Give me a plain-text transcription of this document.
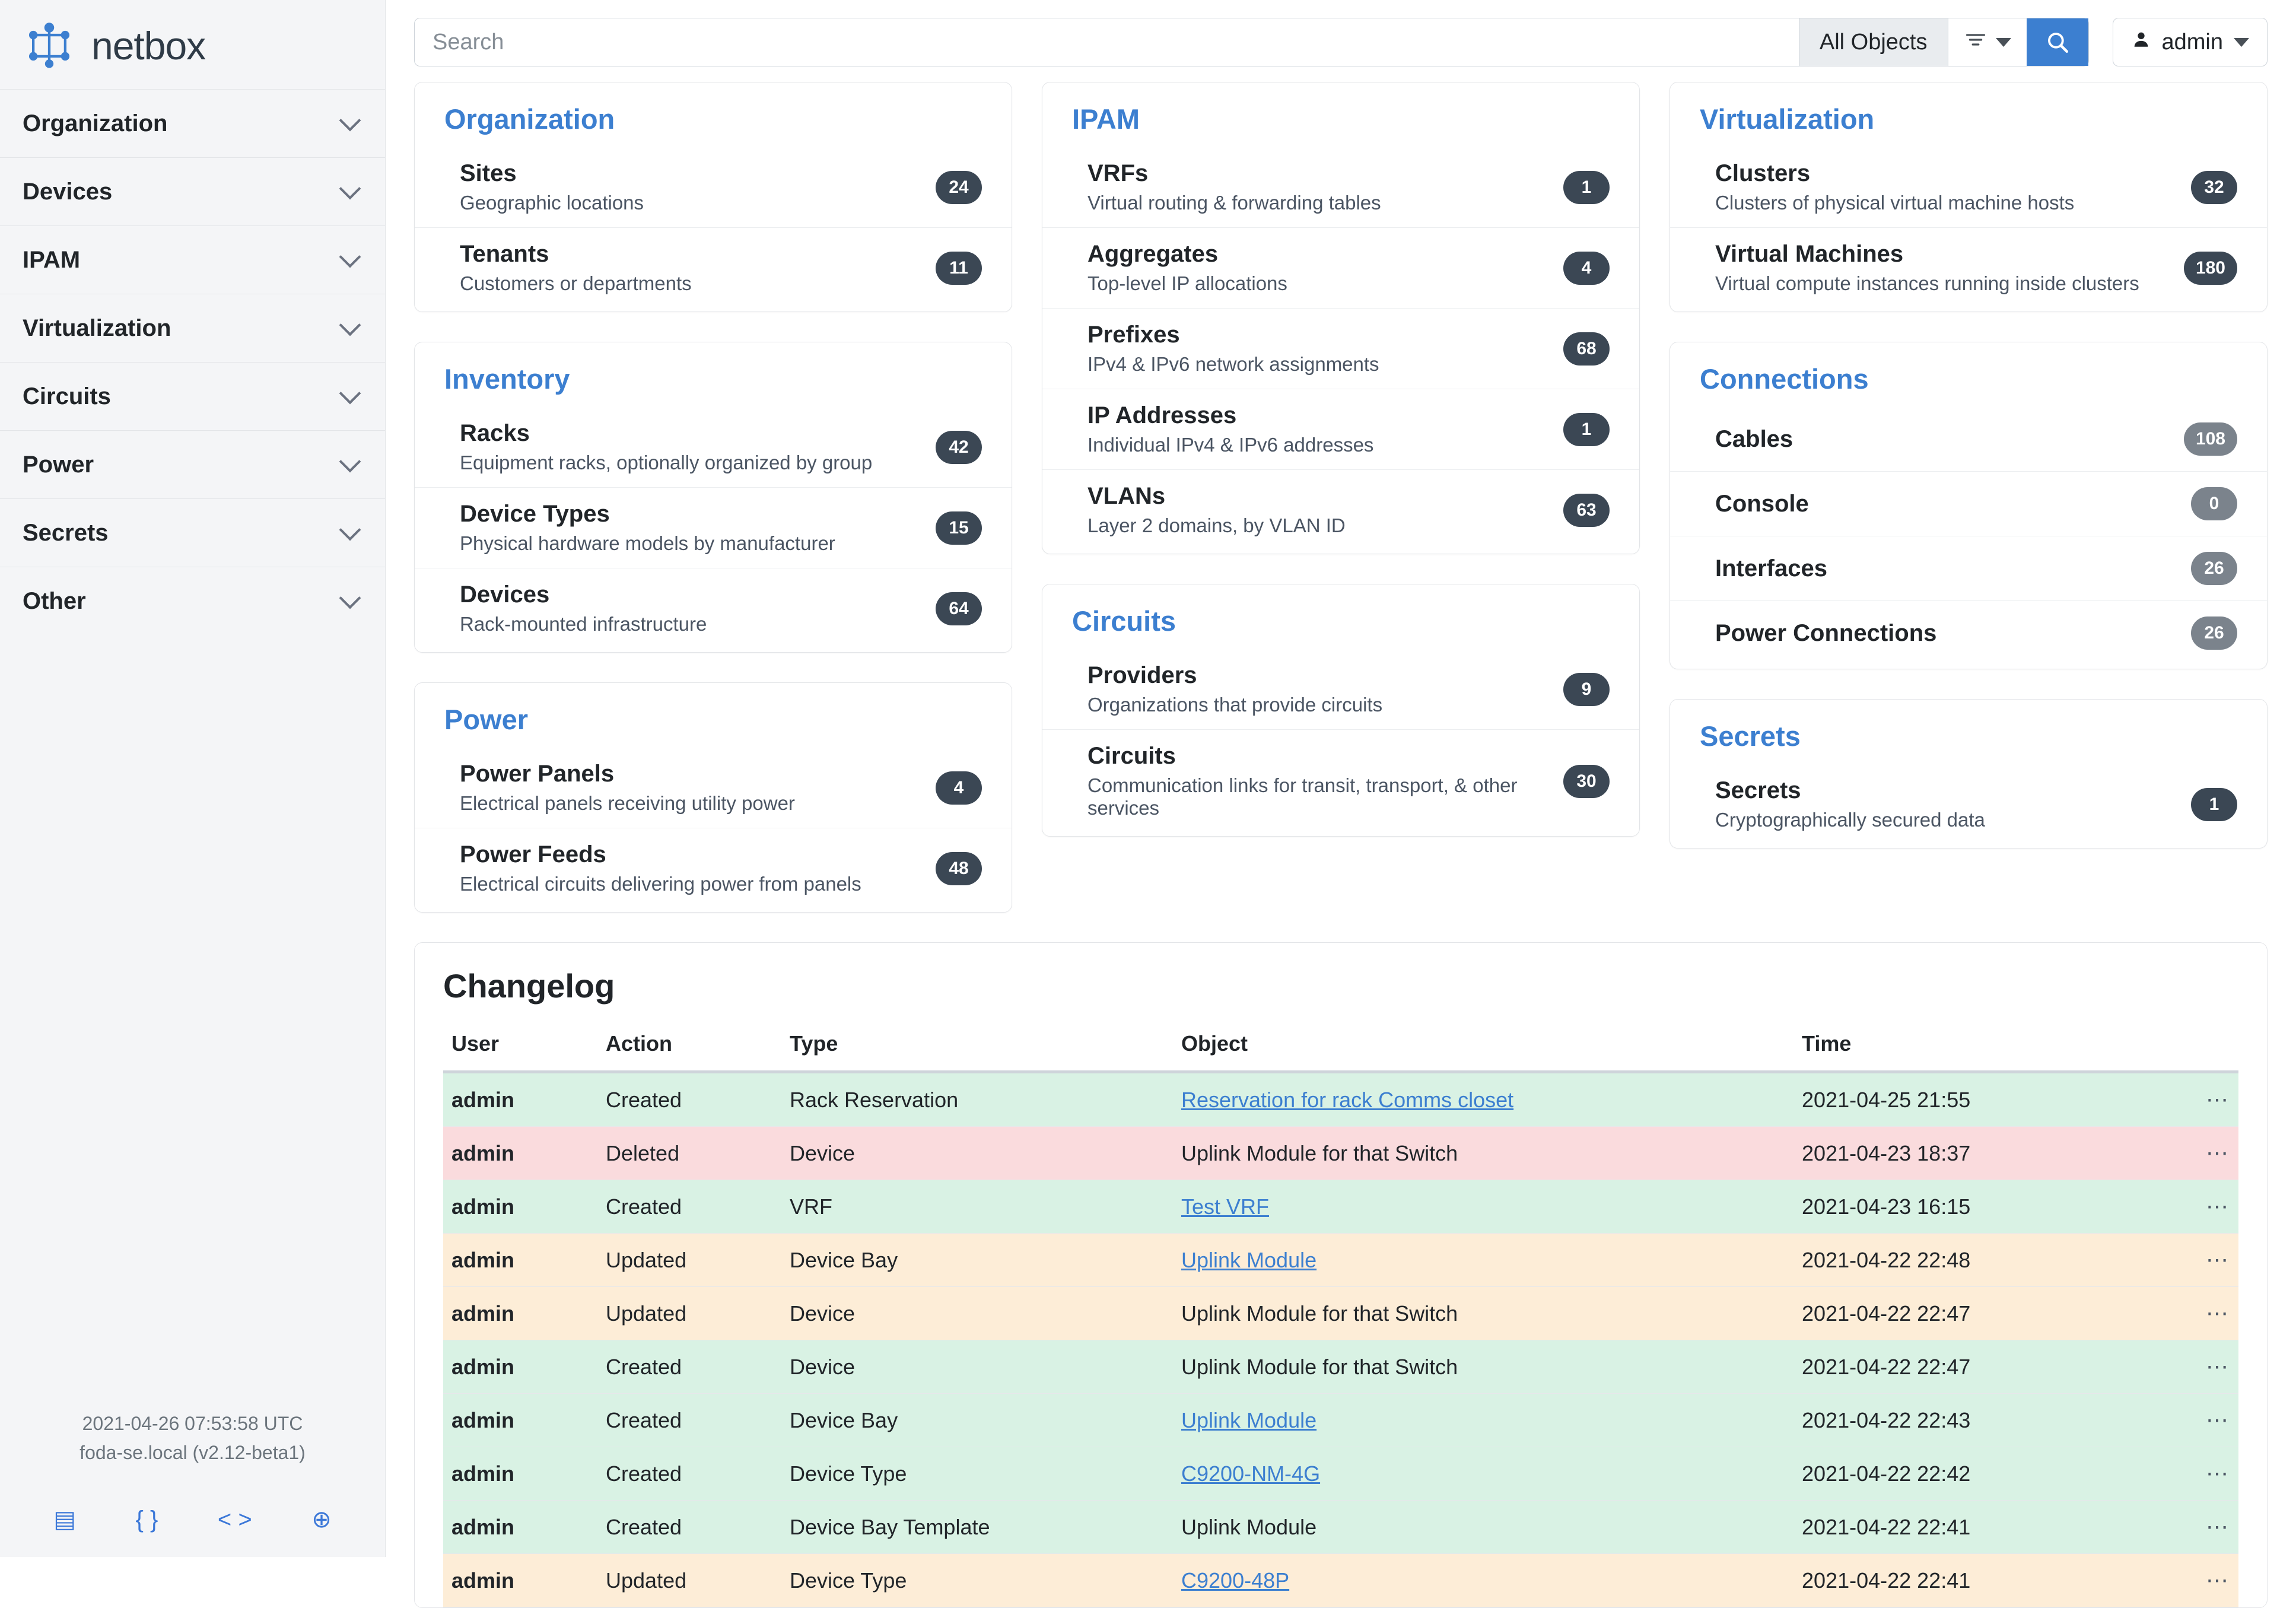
netbox
Organization
Devices
IPAM
Virtualization
Circuits
Power
Secrets
Other
2021-04-26 07:53:58 UTC
foda-se.local (v2.12-beta1)
▤	{ }	< >	⊕
Search
All Objects	admin
Organization
Sites
Geographic locations
24
Tenants
Customers or departments
11
Inventory
Racks
Equipment racks, optionally organized by group
42
Device Types
Physical hardware models by manufacturer
15
Devices
Rack-mounted infrastructure
64
Power
Power Panels
Electrical panels receiving utility power
4
Power Feeds
Electrical circuits delivering power from panels
48
IPAM
VRFs
Virtual routing & forwarding tables
1
Aggregates
Top-level IP allocations
4
Prefixes
IPv4 & IPv6 network assignments
68
IP Addresses
Individual IPv4 & IPv6 addresses
1
VLANs
Layer 2 domains, by VLAN ID
63
Circuits
Providers
Organizations that provide circuits
9
Circuits
Communication links for transit, transport, & other services
30
Virtualization
Clusters
Clusters of physical virtual machine hosts
32
Virtual Machines
Virtual compute instances running inside clusters
180
Connections
Cables	108
Console	0
Interfaces	26
Power Connections	26
Secrets
Secrets
Cryptographically secured data
1
Changelog
User	Action	Type	Object	Time	
admin	Created	Rack Reservation	Reservation for rack Comms closet	2021-04-25 21:55	⋯
admin	Deleted	Device	Uplink Module for that Switch	2021-04-23 18:37	⋯
admin	Created	VRF	Test VRF	2021-04-23 16:15	⋯
admin	Updated	Device Bay	Uplink Module	2021-04-22 22:48	⋯
admin	Updated	Device	Uplink Module for that Switch	2021-04-22 22:47	⋯
admin	Created	Device	Uplink Module for that Switch	2021-04-22 22:47	⋯
admin	Created	Device Bay	Uplink Module	2021-04-22 22:43	⋯
admin	Created	Device Type	C9200-NM-4G	2021-04-22 22:42	⋯
admin	Created	Device Bay Template	Uplink Module	2021-04-22 22:41	⋯
admin	Updated	Device Type	C9200-48P	2021-04-22 22:41	⋯
